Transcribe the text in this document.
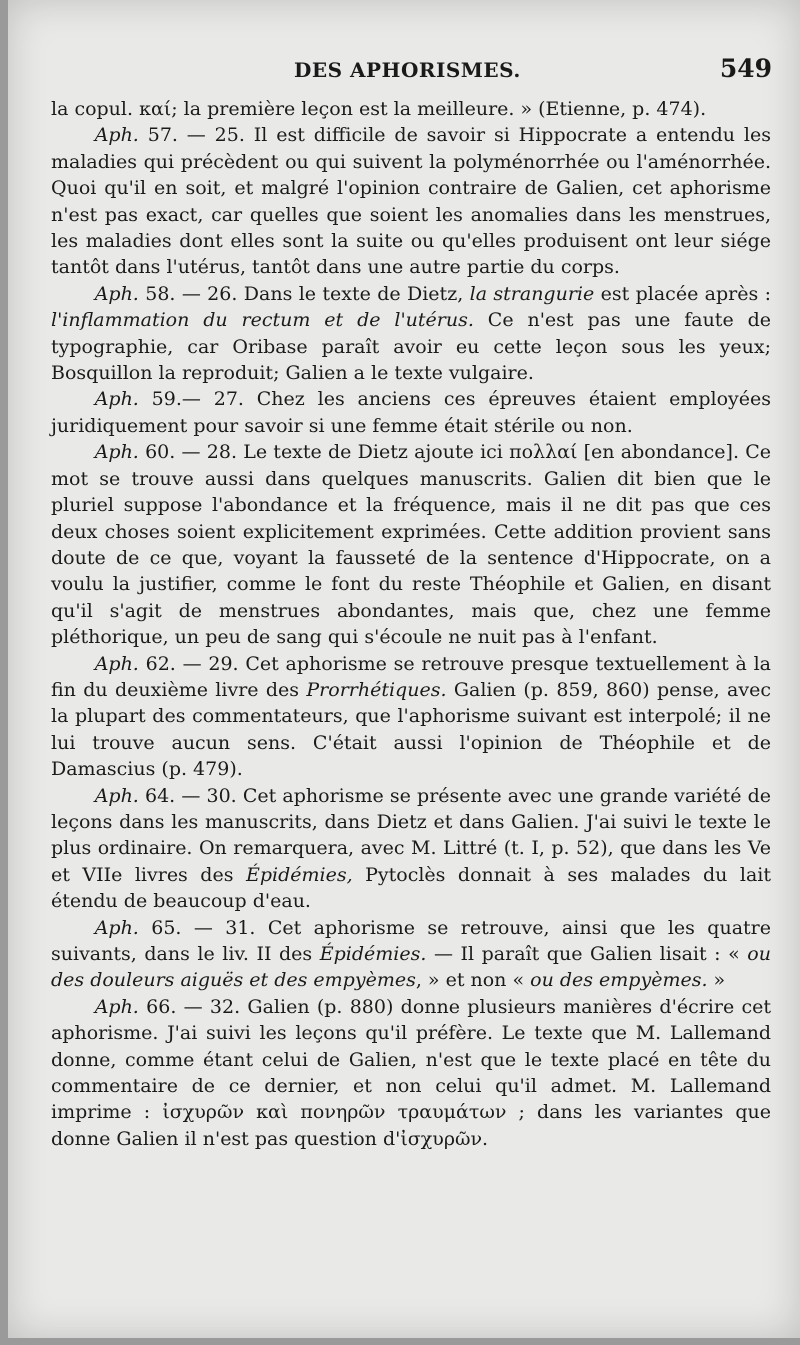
DES APHORISMES.	549

la copul. καί; la première leçon est la meilleure. » (Etienne, p. 474).

Aph. 57. — 25. Il est difficile de savoir si Hippocrate a entendu les maladies qui précèdent ou qui suivent la polyménorrhée ou l'aménorrhée. Quoi qu'il en soit, et malgré l'opinion contraire de Galien, cet aphorisme n'est pas exact, car quelles que soient les anomalies dans les menstrues, les maladies dont elles sont la suite ou qu'elles produisent ont leur siége tantôt dans l'utérus, tantôt dans une autre partie du corps.

Aph. 58. — 26. Dans le texte de Dietz, la strangurie est placée après : l'inflammation du rectum et de l'utérus. Ce n'est pas une faute de typographie, car Oribase paraît avoir eu cette leçon sous les yeux; Bosquillon la reproduit; Galien a le texte vulgaire.

Aph. 59.— 27. Chez les anciens ces épreuves étaient employées juridiquement pour savoir si une femme était stérile ou non.

Aph. 60. — 28. Le texte de Dietz ajoute ici πολλαί [en abondance]. Ce mot se trouve aussi dans quelques manuscrits. Galien dit bien que le pluriel suppose l'abondance et la fréquence, mais il ne dit pas que ces deux choses soient explicitement exprimées. Cette addition provient sans doute de ce que, voyant la fausseté de la sentence d'Hippocrate, on a voulu la justifier, comme le font du reste Théophile et Galien, en disant qu'il s'agit de menstrues abondantes, mais que, chez une femme pléthorique, un peu de sang qui s'écoule ne nuit pas à l'enfant.

Aph. 62. — 29. Cet aphorisme se retrouve presque textuellement à la fin du deuxième livre des Prorrhétiques. Galien (p. 859, 860) pense, avec la plupart des commentateurs, que l'aphorisme suivant est interpolé; il ne lui trouve aucun sens. C'était aussi l'opinion de Théophile et de Damascius (p. 479).

Aph. 64. — 30. Cet aphorisme se présente avec une grande variété de leçons dans les manuscrits, dans Dietz et dans Galien. J'ai suivi le texte le plus ordinaire. On remarquera, avec M. Littré (t. I, p. 52), que dans les Ve et VIIe livres des Épidémies, Pytoclès donnait à ses malades du lait étendu de beaucoup d'eau.

Aph. 65. — 31. Cet aphorisme se retrouve, ainsi que les quatre suivants, dans le liv. II des Épidémies. — Il paraît que Galien lisait : « ou des douleurs aiguës et des empyèmes, » et non « ou des empyèmes. »

Aph. 66. — 32. Galien (p. 880) donne plusieurs manières d'écrire cet aphorisme. J'ai suivi les leçons qu'il préfère. Le texte que M. Lallemand donne, comme étant celui de Galien, n'est que le texte placé en tête du commentaire de ce dernier, et non celui qu'il admet. M. Lallemand imprime : ἰσχυρῶν καὶ πονηρῶν τραυμάτων ; dans les variantes que donne Galien il n'est pas question d'ἰσχυρῶν.
